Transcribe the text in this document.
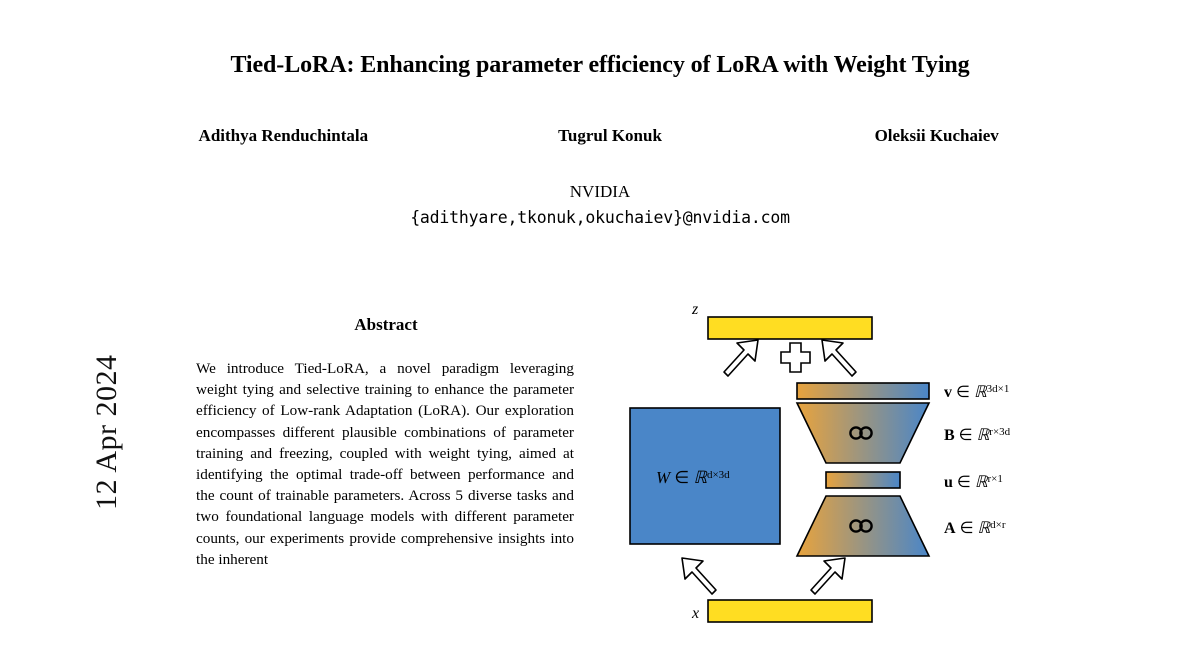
12 Apr 2024
Tied-LoRA: Enhancing parameter efficiency of LoRA with Weight Tying
Adithya Renduchintala	Tugrul Konuk	Oleksii Kuchaiev
NVIDIA
{adithyare,tkonuk,okuchaiev}@nvidia.com
Abstract
We introduce Tied-LoRA, a novel paradigm leveraging weight tying and selective training to enhance the parameter efficiency of Low-rank Adaptation (LoRA). Our exploration encompasses different plausible combinations of parameter training and freezing, coupled with weight tying, aimed at identifying the optimal trade-off between performance and the count of trainable parameters. Across 5 diverse tasks and two foundational language models with different parameter counts, our experiments provide comprehensive insights into the inherent
z
v ∈ ℝ$^{3d\times 1}$
B ∈ ℝ$^{r\times 3d}$
u ∈ ℝ$^{r\times 1}$
A ∈ ℝ$^{d\times r}$
W ∈ ℝ$^{d\times 3d}$
x
